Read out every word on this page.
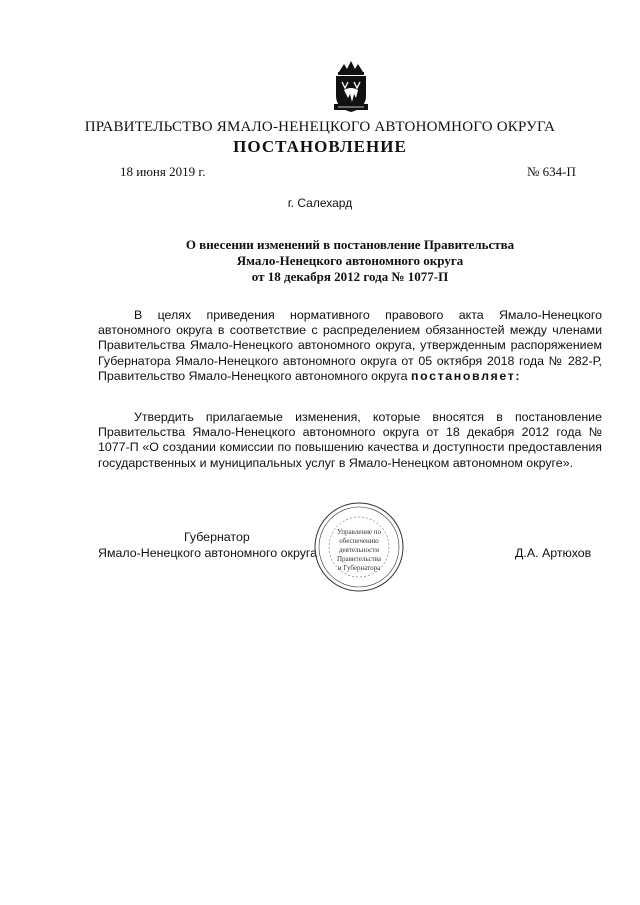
ПРАВИТЕЛЬСТВО ЯМАЛО-НЕНЕЦКОГО АВТОНОМНОГО ОКРУГА
ПОСТАНОВЛЕНИЕ
18 июня 2019 г.	№ 634-П
г. Салехард
О внесении изменений в постановление Правительства
Ямало-Ненецкого автономного округа
от 18 декабря 2012 года № 1077-П

В целях приведения нормативного правового акта Ямало-Ненецкого автономного округа в соответствие с распределением обязанностей между членами Правительства Ямало-Ненецкого автономного округа, утвержденным распоряжением Губернатора Ямало-Ненецкого автономного округа от 05 октября 2018 года № 282-Р, Правительство Ямало-Ненецкого автономного округа постановляет:

Утвердить прилагаемые изменения, которые вносятся в постановление Правительства Ямало-Ненецкого автономного округа от 18 декабря 2012 года № 1077-П «О создании комиссии по повышению качества и доступности предоставления государственных и муниципальных услуг в Ямало-Ненецком автономном округе».

Губернатор
Ямало-Ненецкого автономного округа	Д.А. Артюхов
Управление по
обеспечению
деятельности
Правительства
и Губернатора
